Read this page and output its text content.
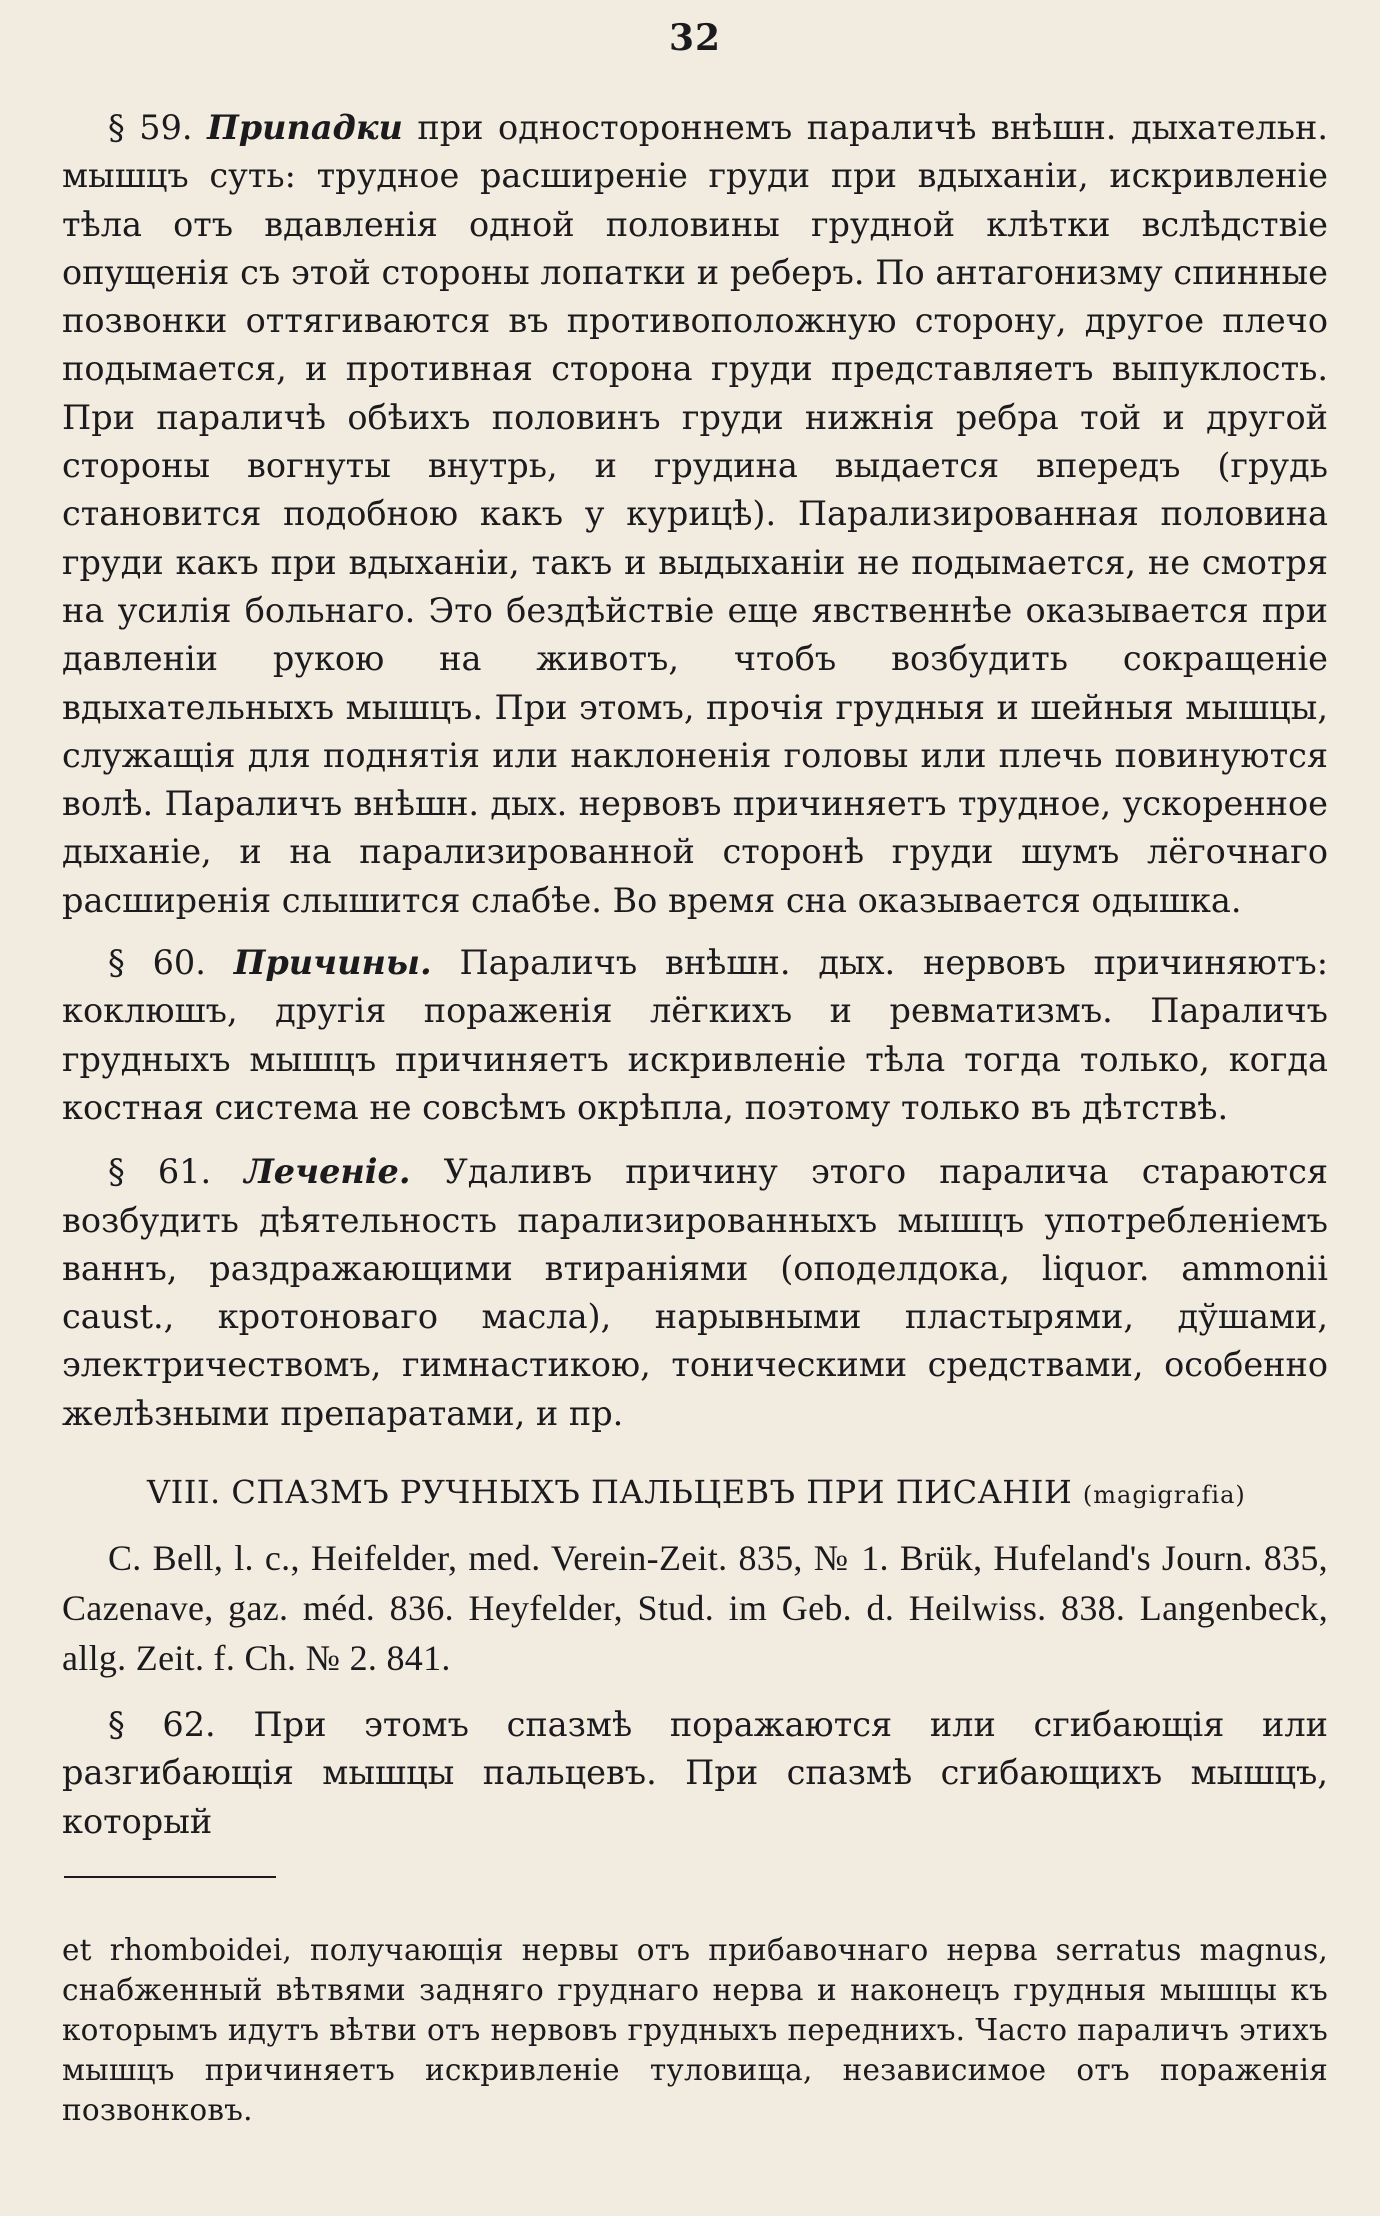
32

§ 59. Припадки при одностороннемъ параличѣ внѣшн. дыхательн. мышцъ суть: трудное расширеніе груди при вдыханіи, искривленіе тѣла отъ вдавленія одной половины грудной клѣтки вслѣдствіе опущенія съ этой стороны лопатки и реберъ. По антагонизму спинные позвонки оттягиваются въ противоположную сторону, другое плечо подымается, и противная сторона груди представляетъ выпуклость. При параличѣ обѣихъ половинъ груди нижнія ребра той и другой стороны вогнуты внутрь, и грудина выдается впередъ (грудь становится подобною какъ у курицѣ). Парализированная половина груди какъ при вдыханіи, такъ и выдыханіи не подымается, не смотря на усилія больнаго. Это бездѣйствіе еще явственнѣе оказывается при давленіи рукою на животъ, чтобъ возбудить сокращеніе вдыхательныхъ мышцъ. При этомъ, прочія грудныя и шейныя мышцы, служащія для поднятія или наклоненія головы или плечь повинуются волѣ. Параличъ внѣшн. дых. нервовъ причиняетъ трудное, ускоренное дыханіе, и на парализированной сторонѣ груди шумъ лёгочнаго расширенія слышится слабѣе. Во время сна оказывается одышка.

§ 60. Причины. Параличъ внѣшн. дых. нервовъ причиняютъ: коклюшъ, другія пораженія лёгкихъ и ревматизмъ. Параличъ грудныхъ мышцъ причиняетъ искривленіе тѣла тогда только, когда костная система не совсѣмъ окрѣпла, поэтому только въ дѣтствѣ.

§ 61. Леченіе. Удаливъ причину этого паралича стараются возбудить дѣятельность парализированныхъ мышцъ употребленіемъ ваннъ, раздражающими втираніями (оподелдока, liquor. ammonii caust., кротоноваго масла), нарывными пластырями, дўшами, электричествомъ, гимнастикою, тоническими средствами, особенно желѣзными препаратами, и пр.

VIII. СПАЗМЪ РУЧНЫХЪ ПАЛЬЦЕВЪ ПРИ ПИСАНІИ (magigrafia)

C. Bell, l. c., Heifelder, med. Verein-Zeit. 835, № 1. Brük, Hufeland's Journ. 835, Cazenave, gaz. méd. 836. Heyfelder, Stud. im Geb. d. Heilwiss. 838. Langenbeck, allg. Zeit. f. Ch. № 2. 841.

§ 62. При этомъ спазмѣ поражаются или сгибающія или разгибающія мышцы пальцевъ. При спазмѣ сгибающихъ мышцъ, который

et rhomboidei, получающія нервы отъ прибавочнаго нерва serratus magnus, снабженный вѣтвями задняго груднаго нерва и наконецъ грудныя мышцы къ которымъ идутъ вѣтви отъ нервовъ грудныхъ переднихъ. Часто параличъ этихъ мышцъ причиняетъ искривленіе туловища, независимое отъ пораженія позвонковъ.
